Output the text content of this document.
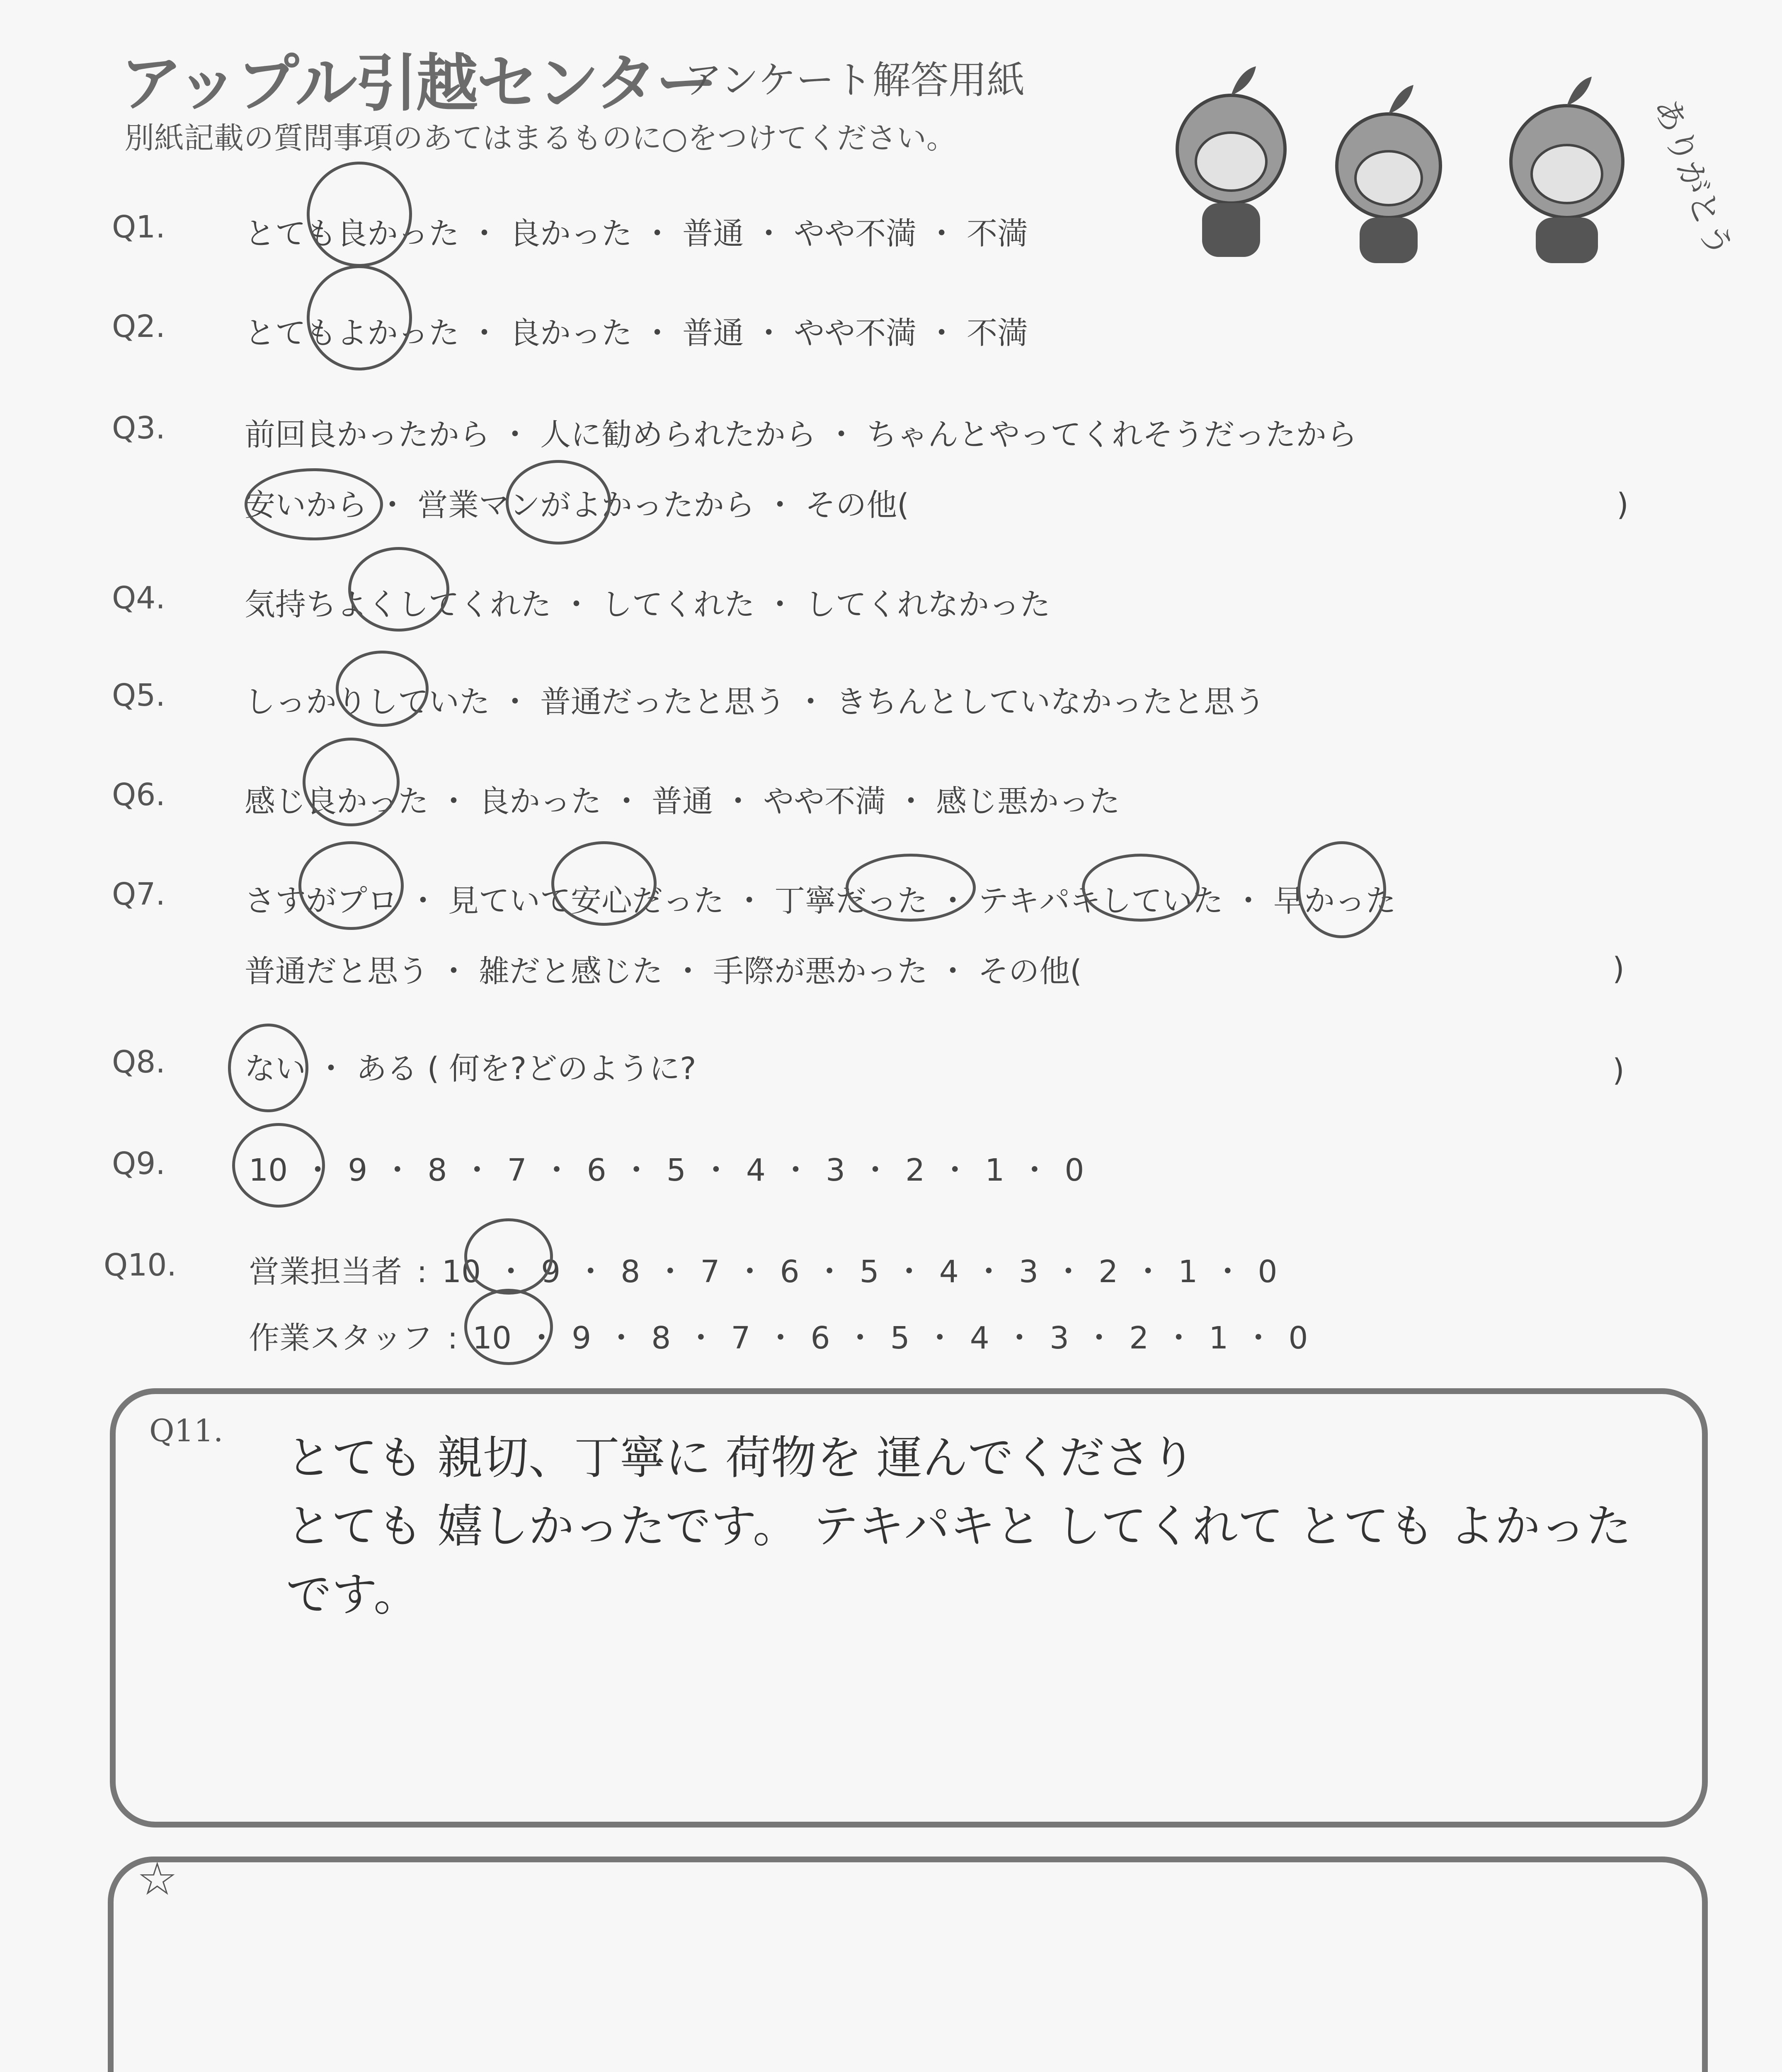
アップル引越センター
アンケート解答用紙
別紙記載の質問事項のあてはまるものに○をつけてください。	ありがとう
Q1.	とても良かった ・ 良かった ・ 普通 ・ やや不満 ・ 不満
Q2.	とてもよかった ・ 良かった ・ 普通 ・ やや不満 ・ 不満
Q3.	前回良かったから ・ 人に勧められたから ・ ちゃんとやってくれそうだったから
安いから ・ 営業マンがよかったから ・ その他(	)
Q4.	気持ちよくしてくれた ・ してくれた ・ してくれなかった
Q5.	しっかりしていた ・ 普通だったと思う ・ きちんとしていなかったと思う
Q6.	感じ良かった ・ 良かった ・ 普通 ・ やや不満 ・ 感じ悪かった
Q7.	さすがプロ ・ 見ていて安心だった ・ 丁寧だった ・ テキパキしていた ・ 早かった
普通だと思う ・ 雑だと感じた ・ 手際が悪かった ・ その他(	)
Q8.	ない ・ ある ( 何を?どのように?	)
Q9.	10 ・ 9 ・ 8 ・ 7 ・ 6 ・ 5 ・ 4 ・ 3 ・ 2 ・ 1 ・ 0
Q10. 営業担当者 : 10 ・ 9 ・ 8 ・ 7 ・ 6 ・ 5 ・ 4 ・ 3 ・ 2 ・ 1 ・ 0
作業スタッフ : 10 ・ 9 ・ 8 ・ 7 ・ 6 ・ 5 ・ 4 ・ 3 ・ 2 ・ 1 ・ 0
Q11.
とても 親切、丁寧に 荷物を 運んでくださり
とても 嬉しかったです。 テキパキと してくれて とても よかった
です。
☆
